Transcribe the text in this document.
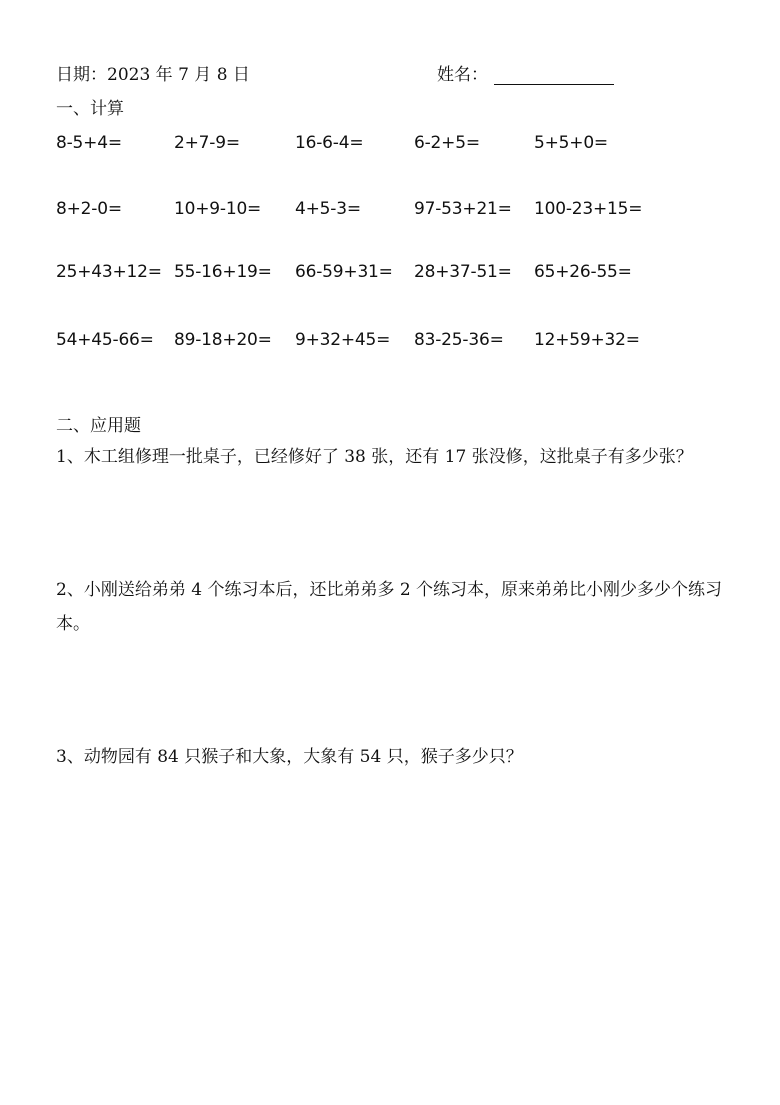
日期：2023 年 7 月 8 日	姓名：
一、计算
8-5+4=	2+7-9=	16-6-4=	6-2+5=	5+5+0=
8+2-0=	10+9-10= 4+5-3=	97-53+21= 100-23+15=
25+43+12= 55-16+19= 66-59+31= 28+37-51= 65+26-55=
54+45-66= 89-18+20= 9+32+45= 83-25-36= 12+59+32=
二、应用题
1、木工组修理一批桌子，已经修好了 38 张，还有 17 张没修，这批桌子有多少张？
2、小刚送给弟弟 4 个练习本后，还比弟弟多 2 个练习本，原来弟弟比小刚少多少个练习本。
3、动物园有 84 只猴子和大象，大象有 54 只，猴子多少只？
